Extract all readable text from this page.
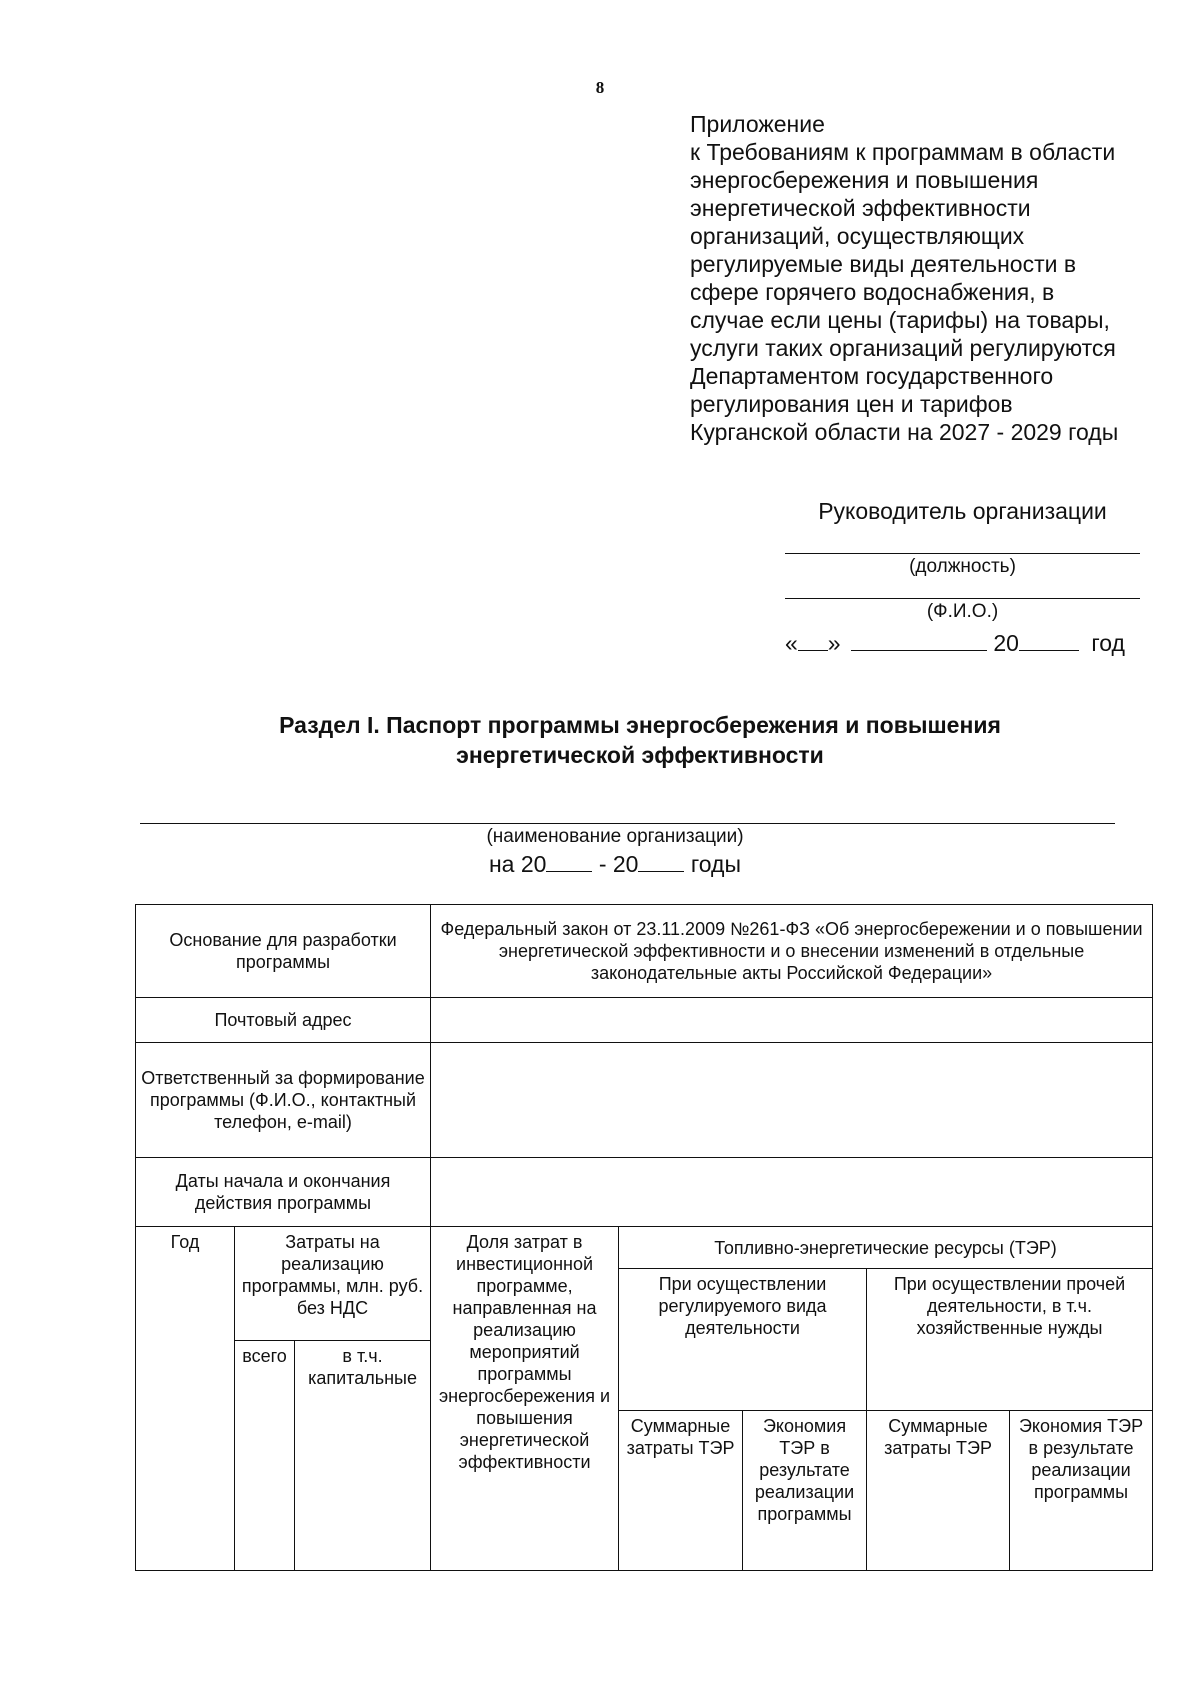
8
Приложение
к Требованиям к программам в области
энергосбережения и повышения
энергетической эффективности
организаций, осуществляющих
регулируемые виды деятельности в
сфере горячего водоснабжения, в
случае если цены (тарифы) на товары,
услуги таких организаций регулируются
Департаментом государственного
регулирования цен и тарифов
Курганской области на 2027 - 2029 годы
Руководитель организации
(должность)
(Ф.И.О.)
« »	20	год
Раздел I. Паспорт программы энергосбережения и повышения
энергетической эффективности
(наименование организации)
на 20 - 20 годы
Основание для разработки программы			Федеральный закон от 23.11.2009 №261-ФЗ «Об энергосбережении и о повышении энергетической эффективности и о внесении изменений в отдельные законодательные акты Российской Федерации»				
Почтовый адрес							
Ответственный за формирование программы (Ф.И.О., контактный телефон, e-mail)							
Даты начала и окончания действия программы							
Год	Затраты на реализацию программы, млн. руб. без НДС		Доля затрат в инвестиционной программе, направленная на реализацию мероприятий программы энергосбережения и повышения энергетической эффективности	Топливно-энергетические ресурсы (ТЭР)			
				При осуществлении регулируемого вида деятельности		При осуществлении прочей деятельности, в т.ч. хозяйственные нужды	
	всего	в т.ч. капитальные					
				Суммарные затраты ТЭР	Экономия ТЭР в результате реализации программы	Суммарные затраты ТЭР	Экономия ТЭР в результате реализации программы
